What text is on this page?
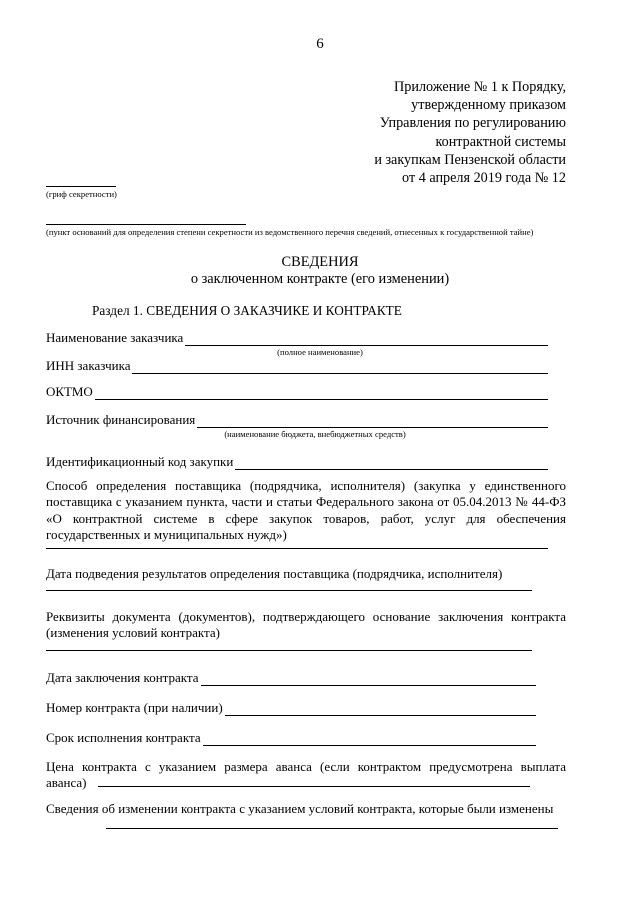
6
Приложение № 1 к Порядку,
утвержденному приказом
Управления по регулированию
контрактной системы
и закупкам Пензенской области
от 4 апреля 2019 года № 12
(гриф секретности)
(пункт оснований для определения степени секретности из ведомственного перечня сведений, отнесенных к государственной тайне)
СВЕДЕНИЯ
о заключенном контракте (его изменении)
Раздел 1. СВЕДЕНИЯ О ЗАКАЗЧИКЕ И КОНТРАКТЕ
Наименование заказчика
(полное наименование)
ИНН заказчика
ОКТМО
Источник финансирования
(наименование бюджета, внебюджетных средств)
Идентификационный код закупки
Способ определения поставщика (подрядчика, исполнителя) (закупка у единственного поставщика с указанием пункта, части и статьи Федерального закона от 05.04.2013 № 44-ФЗ «О контрактной системе в сфере закупок товаров, работ, услуг для обеспечения государственных и муниципальных нужд»)
Дата подведения результатов определения поставщика (подрядчика, исполнителя)
Реквизиты документа (документов), подтверждающего основание заключения контракта (изменения условий контракта)
Дата заключения контракта
Номер контракта (при наличии)
Срок исполнения контракта
Цена контракта с указанием размера аванса (если контрактом предусмотрена выплата аванса)
Сведения об изменении контракта с указанием условий контракта, которые были изменены
